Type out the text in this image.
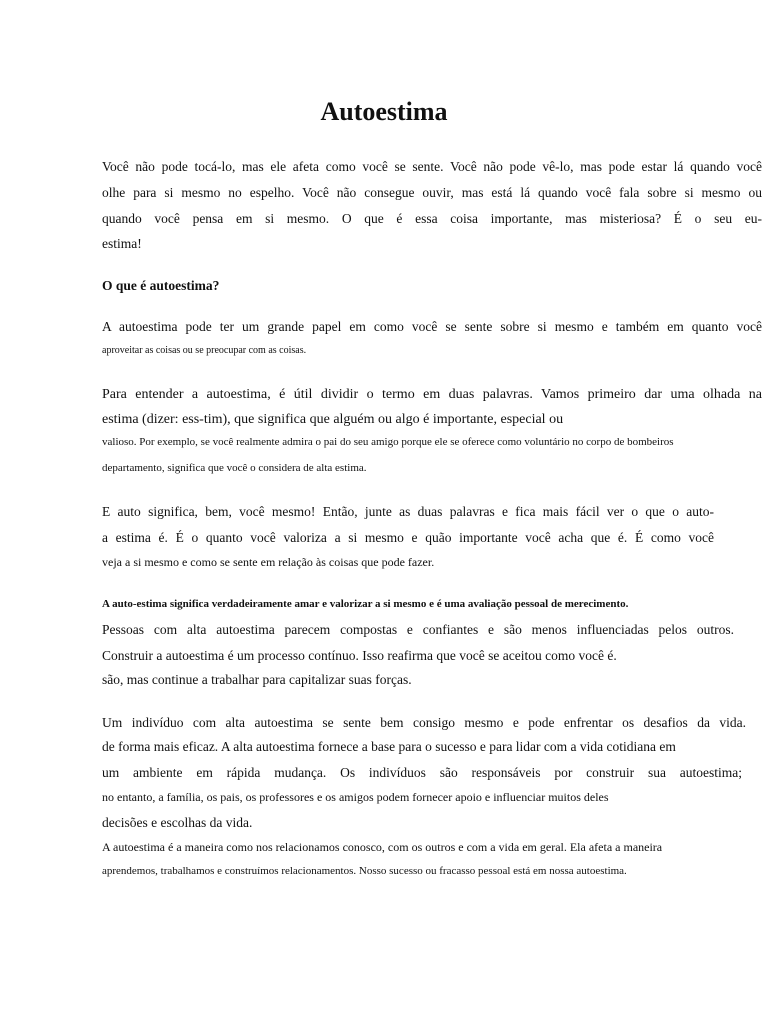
Autoestima

Você não pode tocá-lo, mas ele afeta como você se sente. Você não pode vê-lo, mas pode estar lá quando você

olhe para si mesmo no espelho. Você não consegue ouvir, mas está lá quando você fala sobre si mesmo ou

quando você pensa em si mesmo. O que é essa coisa importante, mas misteriosa? É o seu eu-

estima!

O que é autoestima?

A autoestima pode ter um grande papel em como você se sente sobre si mesmo e também em quanto você

aproveitar as coisas ou se preocupar com as coisas.

Para entender a autoestima, é útil dividir o termo em duas palavras. Vamos primeiro dar uma olhada na

estima (dizer: ess-tim), que significa que alguém ou algo é importante, especial ou

valioso. Por exemplo, se você realmente admira o pai do seu amigo porque ele se oferece como voluntário no corpo de bombeiros

departamento, significa que você o considera de alta estima.

E auto significa, bem, você mesmo! Então, junte as duas palavras e fica mais fácil ver o que o auto-

a estima é. É o quanto você valoriza a si mesmo e quão importante você acha que é. É como você

veja a si mesmo e como se sente em relação às coisas que pode fazer.

A auto-estima significa verdadeiramente amar e valorizar a si mesmo e é uma avaliação pessoal de merecimento.

Pessoas com alta autoestima parecem compostas e confiantes e são menos influenciadas pelos outros.

Construir a autoestima é um processo contínuo. Isso reafirma que você se aceitou como você é.

são, mas continue a trabalhar para capitalizar suas forças.

Um indivíduo com alta autoestima se sente bem consigo mesmo e pode enfrentar os desafios da vida.

de forma mais eficaz. A alta autoestima fornece a base para o sucesso e para lidar com a vida cotidiana em

um ambiente em rápida mudança. Os indivíduos são responsáveis por construir sua autoestima;

no entanto, a família, os pais, os professores e os amigos podem fornecer apoio e influenciar muitos deles

decisões e escolhas da vida.

A autoestima é a maneira como nos relacionamos conosco, com os outros e com a vida em geral. Ela afeta a maneira

aprendemos, trabalhamos e construímos relacionamentos. Nosso sucesso ou fracasso pessoal está em nossa autoestima.
